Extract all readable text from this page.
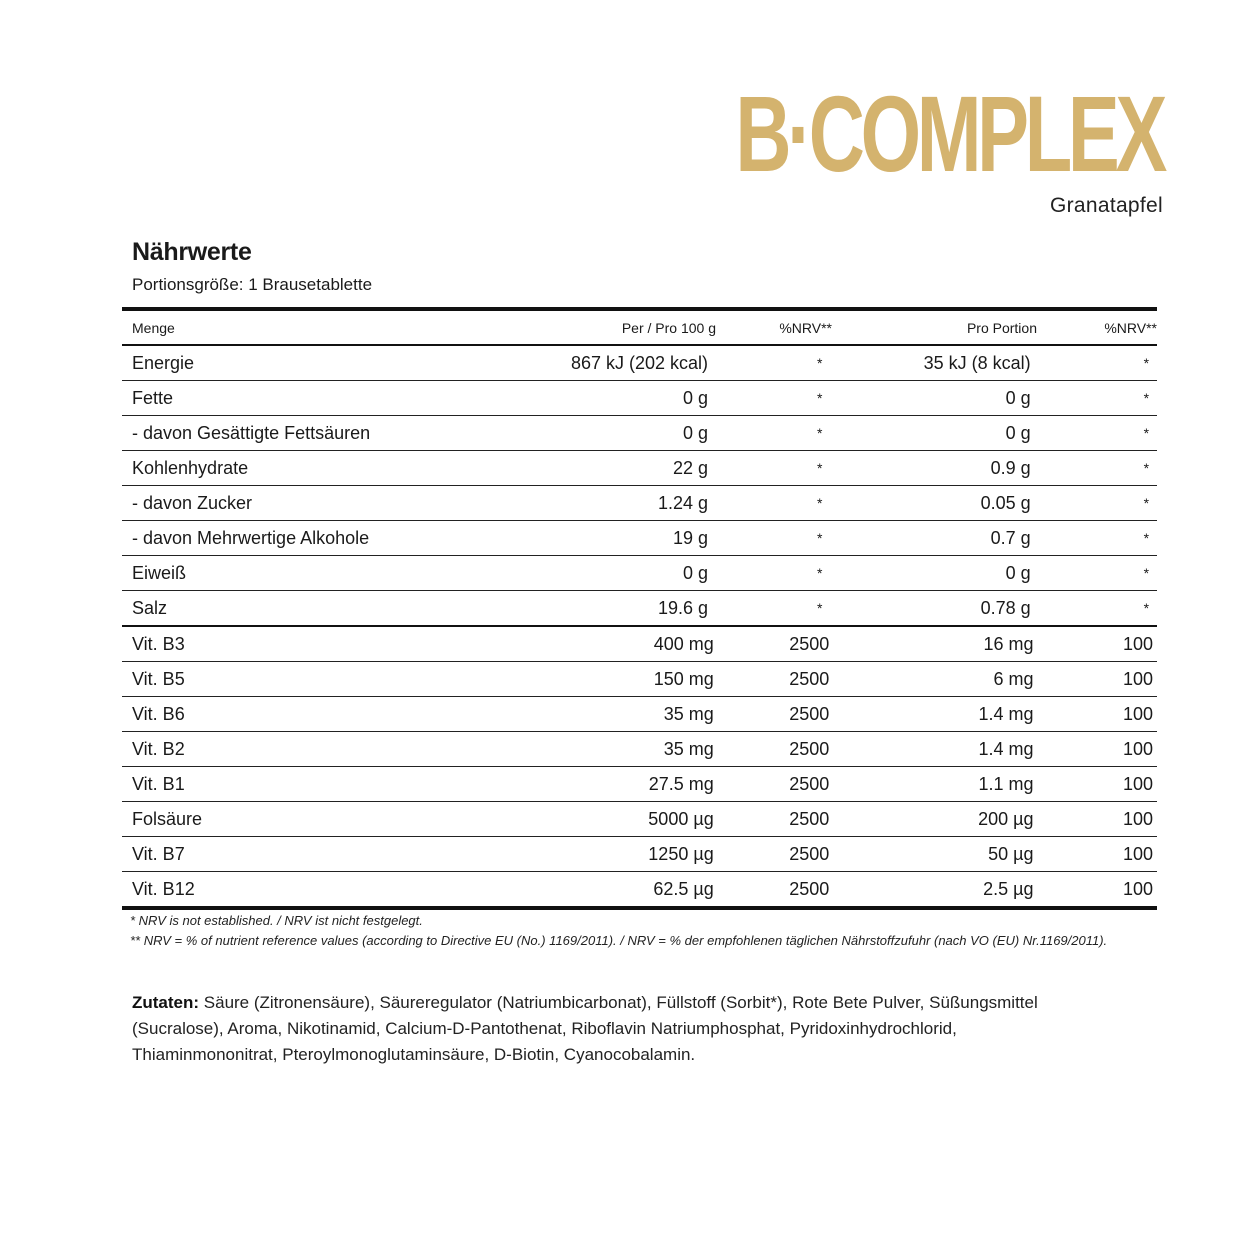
B·COMPLEX
Granatapfel
Nährwerte
Portionsgröße: 1 Brausetablette
Menge	Per / Pro 100 g	%NRV**	Pro Portion	%NRV**
Energie	867 kJ (202 kcal)	*	35 kJ (8 kcal)	*
Fette	0 g	*	0 g	*
- davon Gesättigte Fettsäuren	0 g	*	0 g	*
Kohlenhydrate	22 g	*	0.9 g	*
- davon Zucker	1.24 g	*	0.05 g	*
- davon Mehrwertige Alkohole	19 g	*	0.7 g	*
Eiweiß	0 g	*	0 g	*
Salz	19.6 g	*	0.78 g	*
Vit. B3	400 mg	2500	16 mg	100
Vit. B5	150 mg	2500	6 mg	100
Vit. B6	35 mg	2500	1.4 mg	100
Vit. B2	35 mg	2500	1.4 mg	100
Vit. B1	27.5 mg	2500	1.1 mg	100
Folsäure	5000 µg	2500	200 µg	100
Vit. B7	1250 µg	2500	50 µg	100
Vit. B12	62.5 µg	2500	2.5 µg	100
* NRV is not established. / NRV ist nicht festgelegt.
** NRV = % of nutrient reference values (according to Directive EU (No.) 1169/2011). / NRV = % der empfohlenen täglichen Nährstoffzufuhr (nach VO (EU) Nr.1169/2011).
Zutaten: Säure (Zitronensäure), Säureregulator (Natriumbicarbonat), Füllstoff (Sorbit*), Rote Bete Pulver, Süßungsmittel (Sucralose), Aroma, Nikotinamid, Calcium-D-Pantothenat, Riboflavin Natriumphosphat, Pyridoxinhydrochlorid, Thiaminmononitrat, Pteroylmonoglutaminsäure, D-Biotin, Cyanocobalamin.
